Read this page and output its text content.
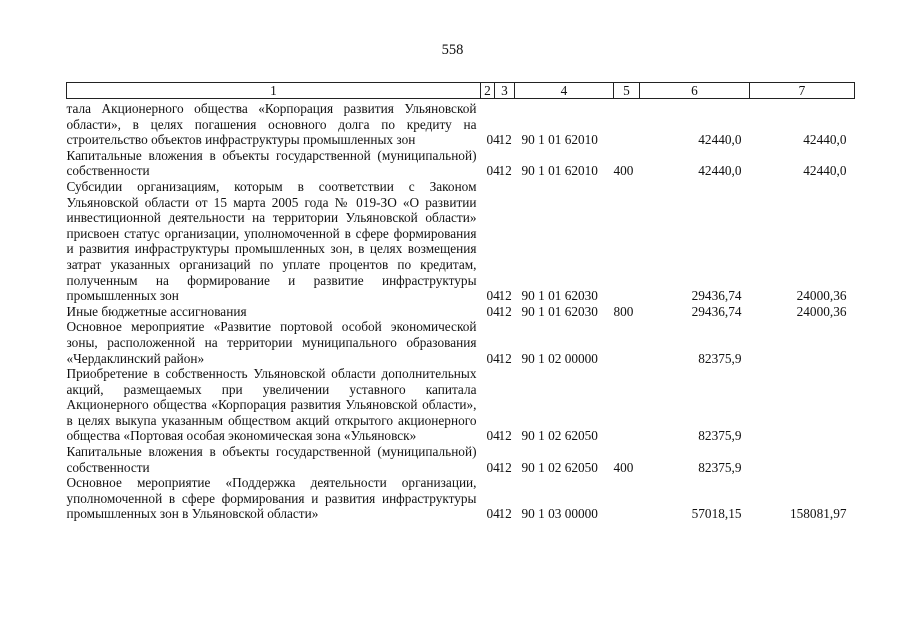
558
1	2	3	4	5	6	7
тала Акционерного общества «Корпорация развития Ульяновской области», в целях погашения основного долга по кредиту на строительство объектов инфраструктуры промышленных зон	04	12	90 1 01 62010		42440,0	42440,0
Капитальные вложения в объекты государственной (муниципальной) собственности	04	12	90 1 01 62010	400	42440,0	42440,0
Субсидии организациям, которым в соответствии с Законом Ульяновской области от 15 марта 2005 года № 019-ЗО «О развитии инвестиционной деятельности на территории Ульяновской области» присвоен статус организации, уполномоченной в сфере формирования и развития инфраструктуры промышленных зон, в целях возмещения затрат указанных организаций по уплате процентов по кредитам, полученным на формирование и развитие инфраструктуры промышленных зон	04	12	90 1 01 62030		29436,74	24000,36
Иные бюджетные ассигнования	04	12	90 1 01 62030	800	29436,74	24000,36
Основное мероприятие «Развитие портовой особой экономической зоны, расположенной на территории муниципального образования «Чердаклинский район»	04	12	90 1 02 00000		82375,9	
Приобретение в собственность Ульяновской области дополнительных акций, размещаемых при увеличении уставного капитала Акционерного общества «Корпорация развития Ульяновской области», в целях выкупа указанным обществом акций открытого акционерного общества «Портовая особая экономическая зона «Ульяновск»	04	12	90 1 02 62050		82375,9	
Капитальные вложения в объекты государственной (муниципальной) собственности	04	12	90 1 02 62050	400	82375,9	
Основное мероприятие «Поддержка деятельности организации, уполномоченной в сфере формирования и развития инфраструктуры промышленных зон в Ульяновской области»	04	12	90 1 03 00000		57018,15	158081,97
